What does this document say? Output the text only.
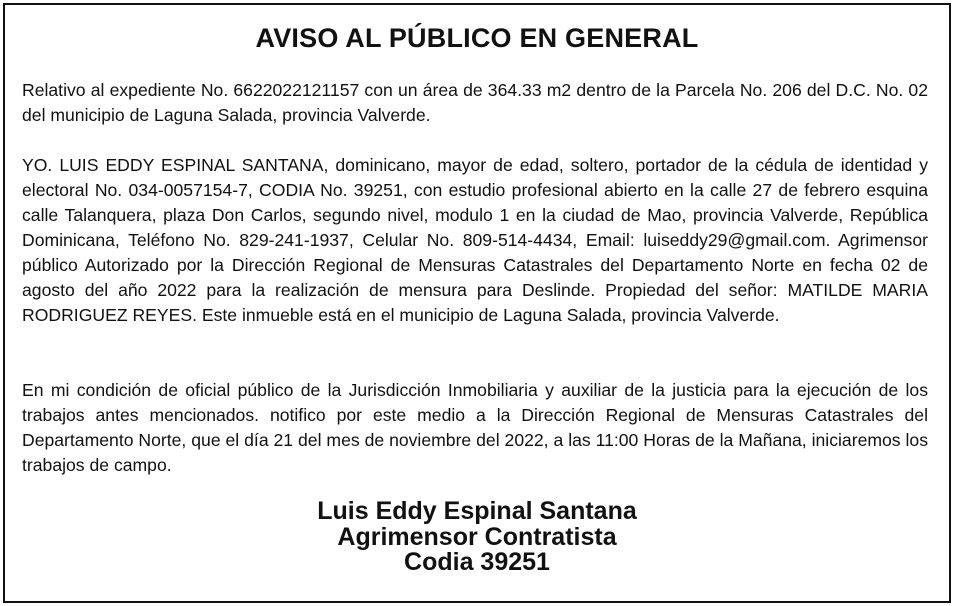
AVISO AL PÚBLICO EN GENERAL
Relativo al expediente No. 6622022121157 con un área de 364.33 m2 dentro de la Parcela No. 206 del D.C. No. 02 del municipio de Laguna Salada, provincia Valverde.
YO. LUIS EDDY ESPINAL SANTANA, dominicano, mayor de edad, soltero, portador de la cédula de identidad y electoral No. 034-0057154-7, CODIA No. 39251, con estudio profesional abierto en la calle 27 de febrero esquina calle Talanquera, plaza Don Carlos, segundo nivel, modulo 1 en la ciudad de Mao, provincia Valverde, República Dominicana, Teléfono No. 829-241-1937, Celular No. 809-514-4434, Email: luiseddy29@gmail.com. Agrimensor público Autorizado por la Dirección Regional de Mensuras Catastrales del Departamento Norte en fecha 02 de agosto del año 2022 para la realización de mensura para Deslinde. Propiedad del señor: MATILDE MARIA RODRIGUEZ REYES. Este inmueble está en el municipio de Laguna Salada, provincia Valverde.
En mi condición de oficial público de la Jurisdicción Inmobiliaria y auxiliar de la justicia para la ejecución de los trabajos antes mencionados. notifico por este medio a la Dirección Regional de Mensuras Catastrales del Departamento Norte, que el día 21 del mes de noviembre del 2022, a las 11:00 Horas de la Mañana, iniciaremos los trabajos de campo.
Luis Eddy Espinal Santana
Agrimensor Contratista
Codia 39251
